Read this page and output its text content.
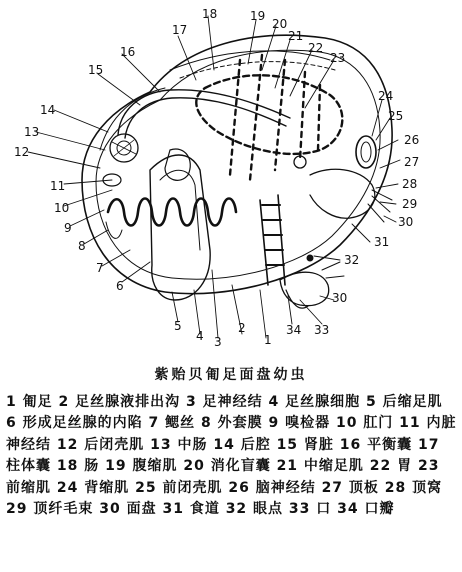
1
2
3
4
5
6
7
8
9
10
11
12
13
14
15
16
17
18	19
20
21
22
23
24
25
26
27
28
29
30
30
31
32
33
34

紫贻贝匍足面盘幼虫

1 匍足 2 足丝腺液排出沟 3 足神经结 4 足丝腺细胞 5 后缩足肌 6 形成足丝腺的内陷 7 鳃丝 8 外套膜 9 嗅检器 10 肛门 11 内脏神经结 12 后闭壳肌 13 中肠 14 后腔 15 肾脏 16 平衡囊 17 柱体囊 18 肠 19 腹缩肌 20 消化盲囊 21 中缩足肌 22 胃 23 前缩肌 24 背缩肌 25 前闭壳肌 26 脑神经结 27 顶板 28 顶窝 29 顶纤毛束 30 面盘 31 食道 32 眼点 33 口 34 口瓣
